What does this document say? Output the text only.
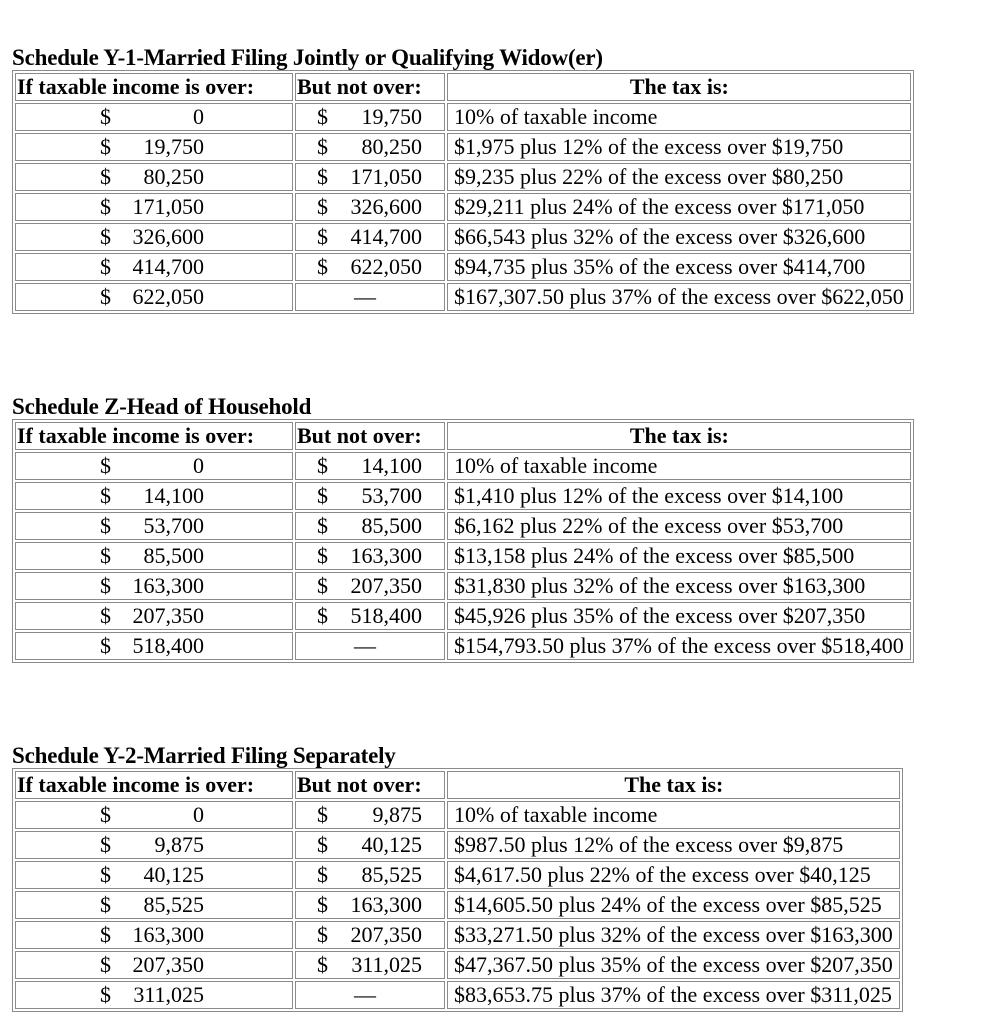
Schedule Y-1-Married Filing Jointly or Qualifying Widow(er)
If taxable income is over:	But not over:	The tax is:

$ 0	$ 19,750	10% of taxable income

$ 19,750	$ 80,250	$1,975 plus 12% of the excess over $19,750

$ 80,250	$ 171,050	$9,235 plus 22% of the excess over $80,250

$ 171,050	$ 326,600	$29,211 plus 24% of the excess over $171,050

$ 326,600	$ 414,700	$66,543 plus 32% of the excess over $326,600

$ 414,700	$ 622,050	$94,735 plus 35% of the excess over $414,700

$ 622,050	—	$167,307.50 plus 37% of the excess over $622,050
Schedule Z-Head of Household
If taxable income is over:	But not over:	The tax is:

$ 0	$ 14,100	10% of taxable income

$ 14,100	$ 53,700	$1,410 plus 12% of the excess over $14,100

$ 53,700	$ 85,500	$6,162 plus 22% of the excess over $53,700

$ 85,500	$ 163,300	$13,158 plus 24% of the excess over $85,500

$ 163,300	$ 207,350	$31,830 plus 32% of the excess over $163,300

$ 207,350	$ 518,400	$45,926 plus 35% of the excess over $207,350

$ 518,400	—	$154,793.50 plus 37% of the excess over $518,400
Schedule Y-2-Married Filing Separately
If taxable income is over:	But not over:	The tax is:

$ 0	$ 9,875	10% of taxable income

$ 9,875	$ 40,125	$987.50 plus 12% of the excess over $9,875

$ 40,125	$ 85,525	$4,617.50 plus 22% of the excess over $40,125

$ 85,525	$ 163,300	$14,605.50 plus 24% of the excess over $85,525

$ 163,300	$ 207,350	$33,271.50 plus 32% of the excess over $163,300

$ 207,350	$ 311,025	$47,367.50 plus 35% of the excess over $207,350

$ 311,025	—	$83,653.75 plus 37% of the excess over $311,025
